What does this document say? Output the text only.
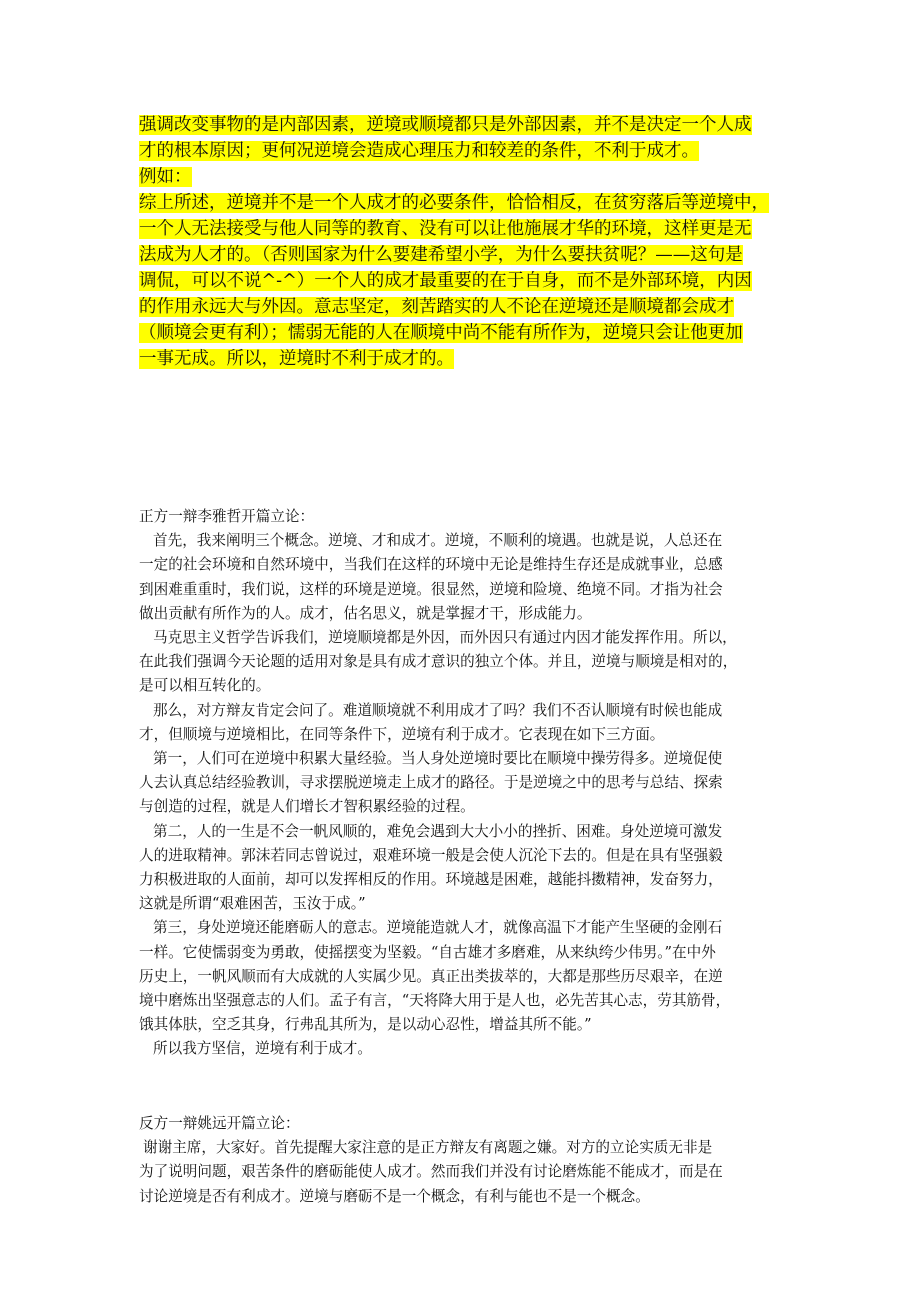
强调改变事物的是内部因素，逆境或顺境都只是外部因素，并不是决定一个人成
才的根本原因；更何况逆境会造成心理压力和较差的条件，不利于成才。
例如：
综上所述，逆境并不是一个人成才的必要条件，恰恰相反，在贫穷落后等逆境中，
一个人无法接受与他人同等的教育、没有可以让他施展才华的环境，这样更是无
法成为人才的。（否则国家为什么要建希望小学，为什么要扶贫呢？——这句是
调侃，可以不说^-^）一个人的成才最重要的在于自身，而不是外部环境，内因
的作用永远大与外因。意志坚定，刻苦踏实的人不论在逆境还是顺境都会成才
（顺境会更有利）；懦弱无能的人在顺境中尚不能有所作为，逆境只会让他更加
一事无成。所以，逆境时不利于成才的。

正方一辩李雅哲开篇立论：

首先，我来阐明三个概念。逆境、才和成才。逆境，不顺利的境遇。也就是说，人总还在
一定的社会环境和自然环境中，当我们在这样的环境中无论是维持生存还是成就事业，总感
到困难重重时，我们说，这样的环境是逆境。很显然，逆境和险境、绝境不同。才指为社会
做出贡献有所作为的人。成才，估名思义，就是掌握才干，形成能力。

马克思主义哲学告诉我们，逆境顺境都是外因，而外因只有通过内因才能发挥作用。所以，
在此我们强调今天论题的适用对象是具有成才意识的独立个体。并且，逆境与顺境是相对的，
是可以相互转化的。

那么，对方辩友肯定会问了。难道顺境就不利用成才了吗？我们不否认顺境有时候也能成
才，但顺境与逆境相比，在同等条件下，逆境有利于成才。它表现在如下三方面。

第一，人们可在逆境中积累大量经验。当人身处逆境时要比在顺境中操劳得多。逆境促使
人去认真总结经验教训，寻求摆脱逆境走上成才的路径。于是逆境之中的思考与总结、探索
与创造的过程，就是人们增长才智积累经验的过程。

第二，人的一生是不会一帆风顺的，难免会遇到大大小小的挫折、困难。身处逆境可激发
人的进取精神。郭沫若同志曾说过，艰难环境一般是会使人沉沦下去的。但是在具有坚强毅
力积极进取的人面前，却可以发挥相反的作用。环境越是困难，越能抖擞精神，发奋努力，
这就是所谓“艰难困苦，玉汝于成。”

第三，身处逆境还能磨砺人的意志。逆境能造就人才，就像高温下才能产生坚硬的金刚石
一样。它使懦弱变为勇敢，使摇摆变为坚毅。“自古雄才多磨难，从来纨绔少伟男。”在中外
历史上，一帆风顺而有大成就的人实属少见。真正出类拔萃的，大都是那些历尽艰辛，在逆
境中磨炼出坚强意志的人们。孟子有言，“天将降大用于是人也，必先苦其心志，劳其筋骨，
饿其体肤，空乏其身，行弗乱其所为，是以动心忍性，增益其所不能。”

所以我方坚信，逆境有利于成才。

反方一辩姚远开篇立论：

谢谢主席，大家好。首先提醒大家注意的是正方辩友有离题之嫌。对方的立论实质无非是
为了说明问题，艰苦条件的磨砺能使人成才。然而我们并没有讨论磨炼能不能成才，而是在
讨论逆境是否有利成才。逆境与磨砺不是一个概念，有利与能也不是一个概念。
